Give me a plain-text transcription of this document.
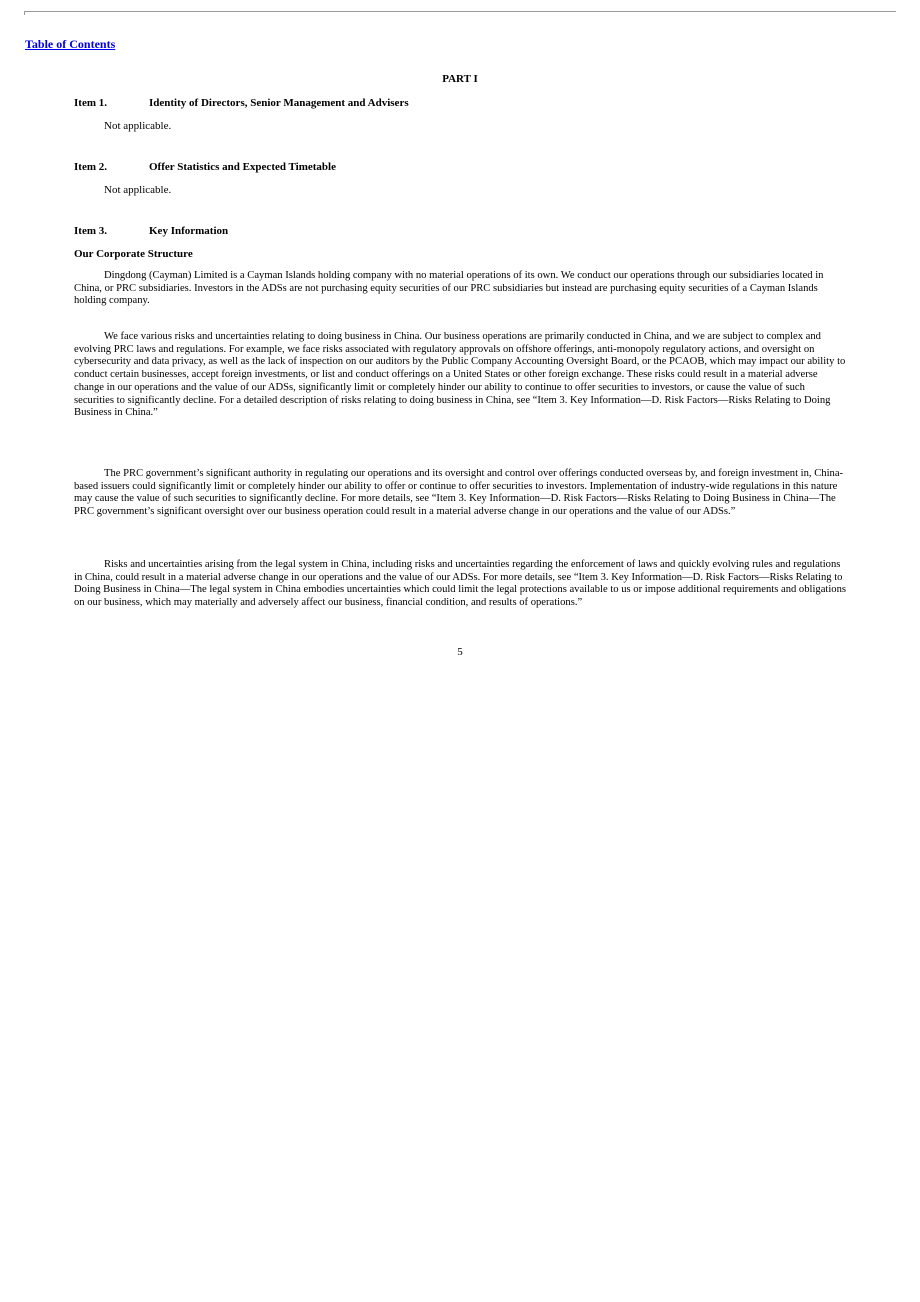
Table of Contents
PART I
Item 1.	Identity of Directors, Senior Management and Advisers
Not applicable.
Item 2.	Offer Statistics and Expected Timetable
Not applicable.
Item 3.	Key Information
Our Corporate Structure

Dingdong (Cayman) Limited is a Cayman Islands holding company with no material operations of its own. We conduct our operations through our subsidiaries located in China, or PRC subsidiaries. Investors in the ADSs are not purchasing equity securities of our PRC subsidiaries but instead are purchasing equity securities of a Cayman Islands holding company.

We face various risks and uncertainties relating to doing business in China. Our business operations are primarily conducted in China, and we are subject to complex and evolving PRC laws and regulations. For example, we face risks associated with regulatory approvals on offshore offerings, anti-monopoly regulatory actions, and oversight on cybersecurity and data privacy, as well as the lack of inspection on our auditors by the Public Company Accounting Oversight Board, or the PCAOB, which may impact our ability to conduct certain businesses, accept foreign investments, or list and conduct offerings on a United States or other foreign exchange. These risks could result in a material adverse change in our operations and the value of our ADSs, significantly limit or completely hinder our ability to continue to offer securities to investors, or cause the value of such securities to significantly decline. For a detailed description of risks relating to doing business in China, see “Item 3. Key Information—D. Risk Factors—Risks Relating to Doing Business in China.”

The PRC government’s significant authority in regulating our operations and its oversight and control over offerings conducted overseas by, and foreign investment in, China-based issuers could significantly limit or completely hinder our ability to offer or continue to offer securities to investors. Implementation of industry-wide regulations in this nature may cause the value of such securities to significantly decline. For more details, see “Item 3. Key Information—D. Risk Factors—Risks Relating to Doing Business in China—The PRC government’s significant oversight over our business operation could result in a material adverse change in our operations and the value of our ADSs.”

Risks and uncertainties arising from the legal system in China, including risks and uncertainties regarding the enforcement of laws and quickly evolving rules and regulations in China, could result in a material adverse change in our operations and the value of our ADSs. For more details, see “Item 3. Key Information—D. Risk Factors—Risks Relating to Doing Business in China—The legal system in China embodies uncertainties which could limit the legal protections available to us or impose additional requirements and obligations on our business, which may materially and adversely affect our business, financial condition, and results of operations.”

5
